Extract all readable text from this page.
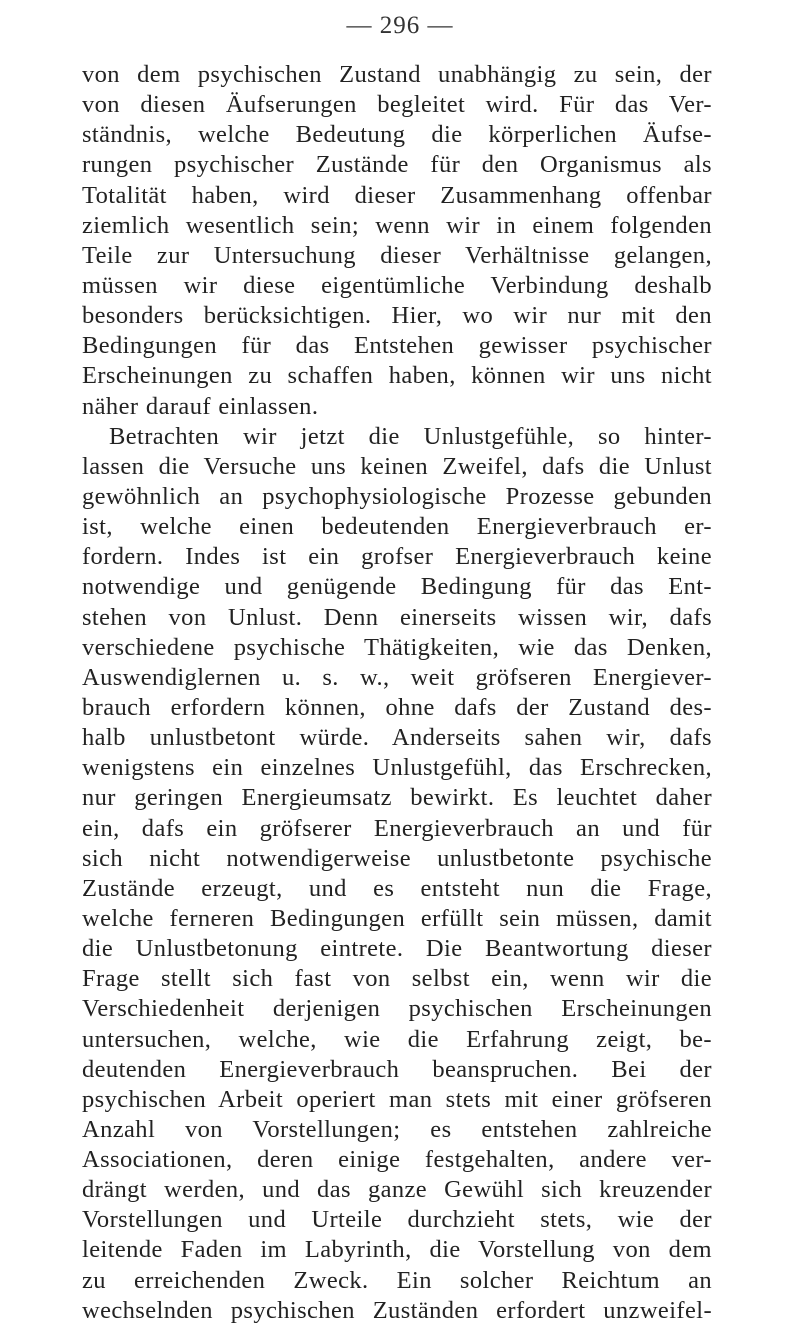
— 296 —
von dem psychischen Zustand unabhängig zu sein, der
von diesen Äufserungen begleitet wird. Für das Ver-
ständnis, welche Bedeutung die körperlichen Äufse-
rungen psychischer Zustände für den Organismus als
Totalität haben, wird dieser Zusammenhang offenbar
ziemlich wesentlich sein; wenn wir in einem folgenden
Teile zur Untersuchung dieser Verhältnisse gelangen,
müssen wir diese eigentümliche Verbindung deshalb
besonders berücksichtigen. Hier, wo wir nur mit den
Bedingungen für das Entstehen gewisser psychischer
Erscheinungen zu schaffen haben, können wir uns nicht
näher darauf einlassen.
Betrachten wir jetzt die Unlustgefühle, so hinter-
lassen die Versuche uns keinen Zweifel, dafs die Unlust
gewöhnlich an psychophysiologische Prozesse gebunden
ist, welche einen bedeutenden Energieverbrauch er-
fordern. Indes ist ein grofser Energieverbrauch keine
notwendige und genügende Bedingung für das Ent-
stehen von Unlust. Denn einerseits wissen wir, dafs
verschiedene psychische Thätigkeiten, wie das Denken,
Auswendiglernen u. s. w., weit gröfseren Energiever-
brauch erfordern können, ohne dafs der Zustand des-
halb unlustbetont würde. Anderseits sahen wir, dafs
wenigstens ein einzelnes Unlustgefühl, das Erschrecken,
nur geringen Energieumsatz bewirkt. Es leuchtet daher
ein, dafs ein gröfserer Energieverbrauch an und für
sich nicht notwendigerweise unlustbetonte psychische
Zustände erzeugt, und es entsteht nun die Frage,
welche ferneren Bedingungen erfüllt sein müssen, damit
die Unlustbetonung eintrete. Die Beantwortung dieser
Frage stellt sich fast von selbst ein, wenn wir die
Verschiedenheit derjenigen psychischen Erscheinungen
untersuchen, welche, wie die Erfahrung zeigt, be-
deutenden Energieverbrauch beanspruchen. Bei der
psychischen Arbeit operiert man stets mit einer gröfseren
Anzahl von Vorstellungen; es entstehen zahlreiche
Associationen, deren einige festgehalten, andere ver-
drängt werden, und das ganze Gewühl sich kreuzender
Vorstellungen und Urteile durchzieht stets, wie der
leitende Faden im Labyrinth, die Vorstellung von dem
zu erreichenden Zweck. Ein solcher Reichtum an
wechselnden psychischen Zuständen erfordert unzweifel-
